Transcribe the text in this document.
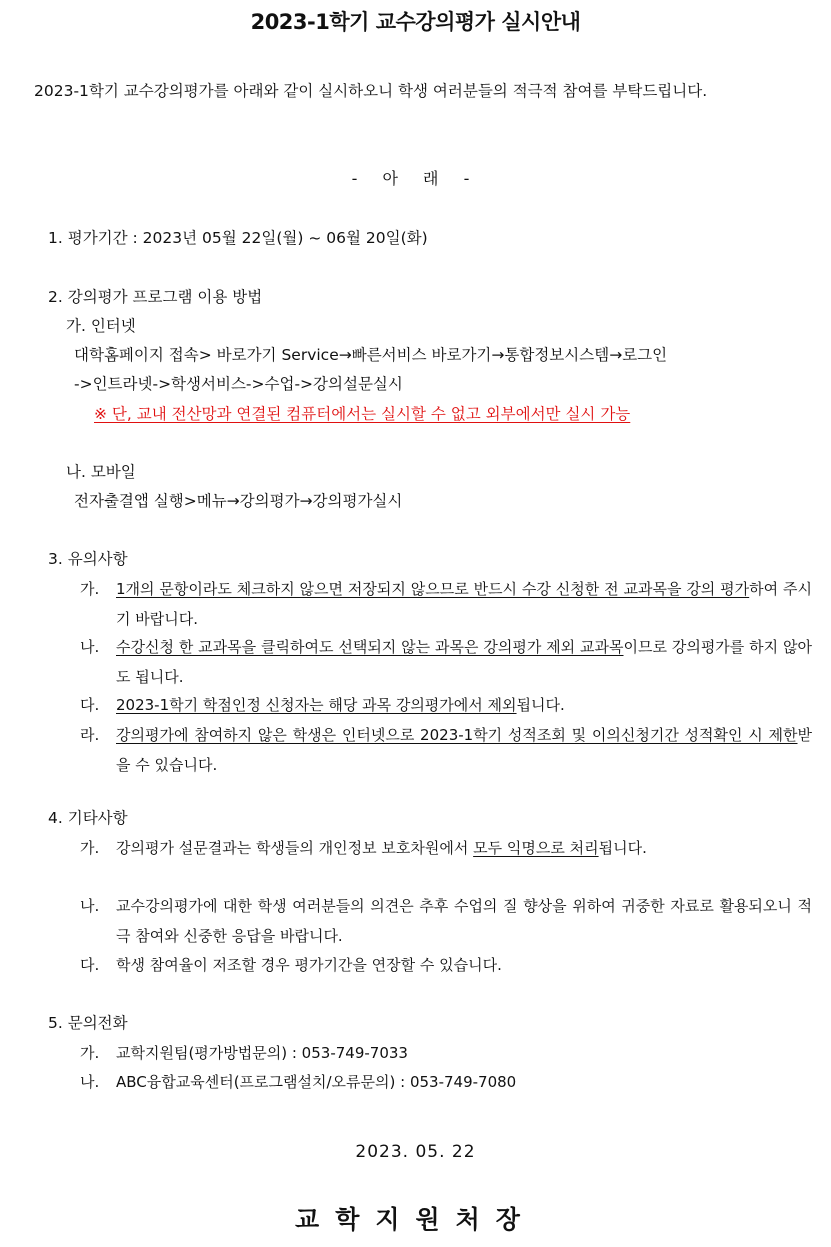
2023-1학기 교수강의평가 실시안내
2023-1학기 교수강의평가를 아래와 같이 실시하오니 학생 여러분들의 적극적 참여를 부탁드립니다.
- 아 래 -
1. 평가기간 : 2023년 05월 22일(월) ~ 06월 20일(화)
2. 강의평가 프로그램 이용 방법
가. 인터넷
대학홈페이지 접속> 바로가기 Service→빠른서비스 바로가기→통합정보시스템→로그인
->인트라넷->학생서비스->수업->강의설문실시
※ 단, 교내 전산망과 연결된 컴퓨터에서는 실시할 수 없고 외부에서만 실시 가능
나. 모바일
전자출결앱 실행>메뉴→강의평가→강의평가실시
3. 유의사항
가. 1개의 문항이라도 체크하지 않으면 저장되지 않으므로 반드시 수강 신청한 전 교과목을 강의 평가하여 주시기 바랍니다.
나. 수강신청 한 교과목을 클릭하여도 선택되지 않는 과목은 강의평가 제외 교과목이므로 강의평가를 하지 않아도 됩니다.
다. 2023-1학기 학점인정 신청자는 해당 과목 강의평가에서 제외됩니다.
라. 강의평가에 참여하지 않은 학생은 인터넷으로 2023-1학기 성적조회 및 이의신청기간 성적확인 시 제한받을 수 있습니다.
4. 기타사항
가. 강의평가 설문결과는 학생들의 개인정보 보호차원에서 모두 익명으로 처리됩니다.
나. 교수강의평가에 대한 학생 여러분들의 의견은 추후 수업의 질 향상을 위하여 귀중한 자료로 활용되오니 적극 참여와 신중한 응답을 바랍니다.
다. 학생 참여율이 저조할 경우 평가기간을 연장할 수 있습니다.
5. 문의전화
가. 교학지원팀(평가방법문의) : 053-749-7033
나. ABC융합교육센터(프로그램설치/오류문의) : 053-749-7080
2023. 05. 22
교학지원처장
